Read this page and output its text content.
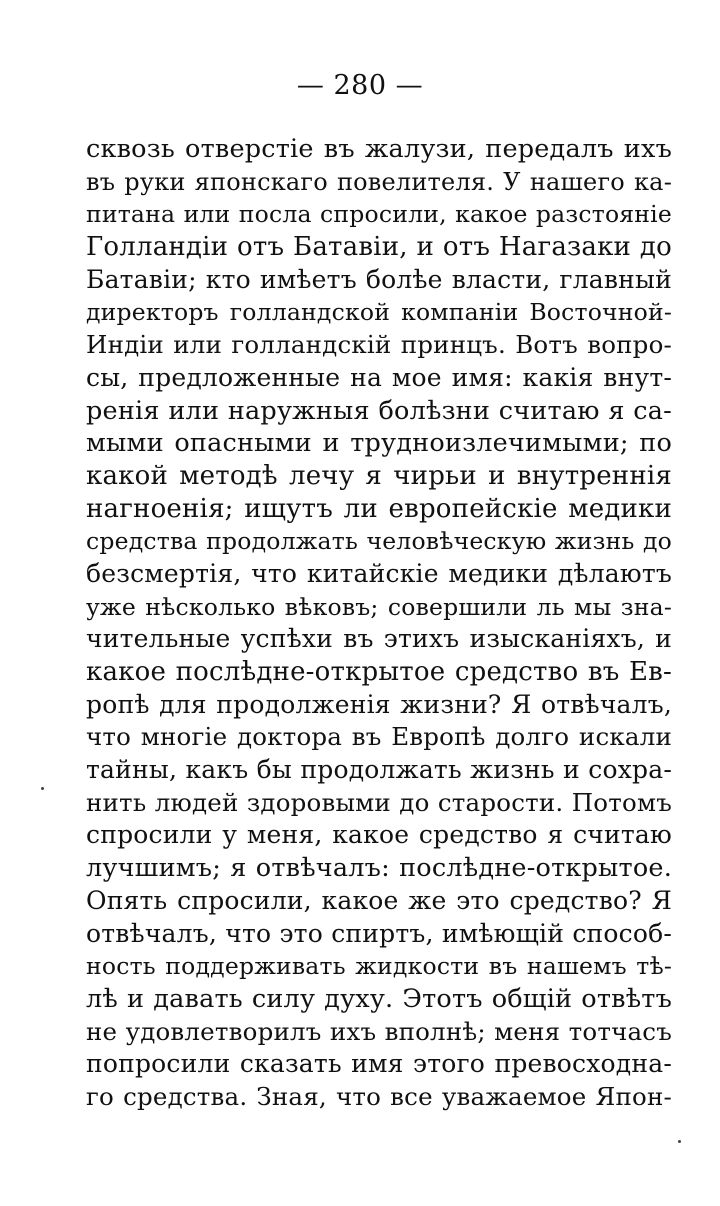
— 280 —
сквозь отверстіе въ жалузи, передалъ ихъ
въ руки японскаго повелителя. У нашего ка-
питана или посла спросили, какое разстояніе
Голландіи отъ Батавіи, и отъ Нагазаки до
Батавіи; кто имѣетъ болѣе власти, главный
директоръ голландской компаніи Восточной-
Индіи или голландскій принцъ. Вотъ вопро-
сы, предложенные на мое имя: какія внут-
ренія или наружныя болѣзни считаю я са-
мыми опасными и трудноизлечимыми; по
какой методѣ лечу я чирьи и внутреннія
нагноенія; ищутъ ли европейскіе медики
средства продолжать человѣческую жизнь до
безсмертія, что китайскіе медики дѣлаютъ
уже нѣсколько вѣковъ; совершили ль мы зна-
чительные успѣхи въ этихъ изысканіяхъ, и
какое послѣдне-открытое средство въ Ев-
ропѣ для продолженія жизни? Я отвѣчалъ,
что многіе доктора въ Европѣ долго искали
тайны, какъ бы продолжать жизнь и сохра-
нить людей здоровыми до старости. Потомъ
спросили у меня, какое средство я считаю
лучшимъ; я отвѣчалъ: послѣдне-открытое.
Опять спросили, какое же это средство? Я
отвѣчалъ, что это спиртъ, имѣющій способ-
ность поддерживать жидкости въ нашемъ тѣ-
лѣ и давать силу духу. Этотъ общій отвѣтъ
не удовлетворилъ ихъ вполнѣ; меня тотчасъ
попросили сказать имя этого превосходна-
го средства. Зная, что все уважаемое Япон-
